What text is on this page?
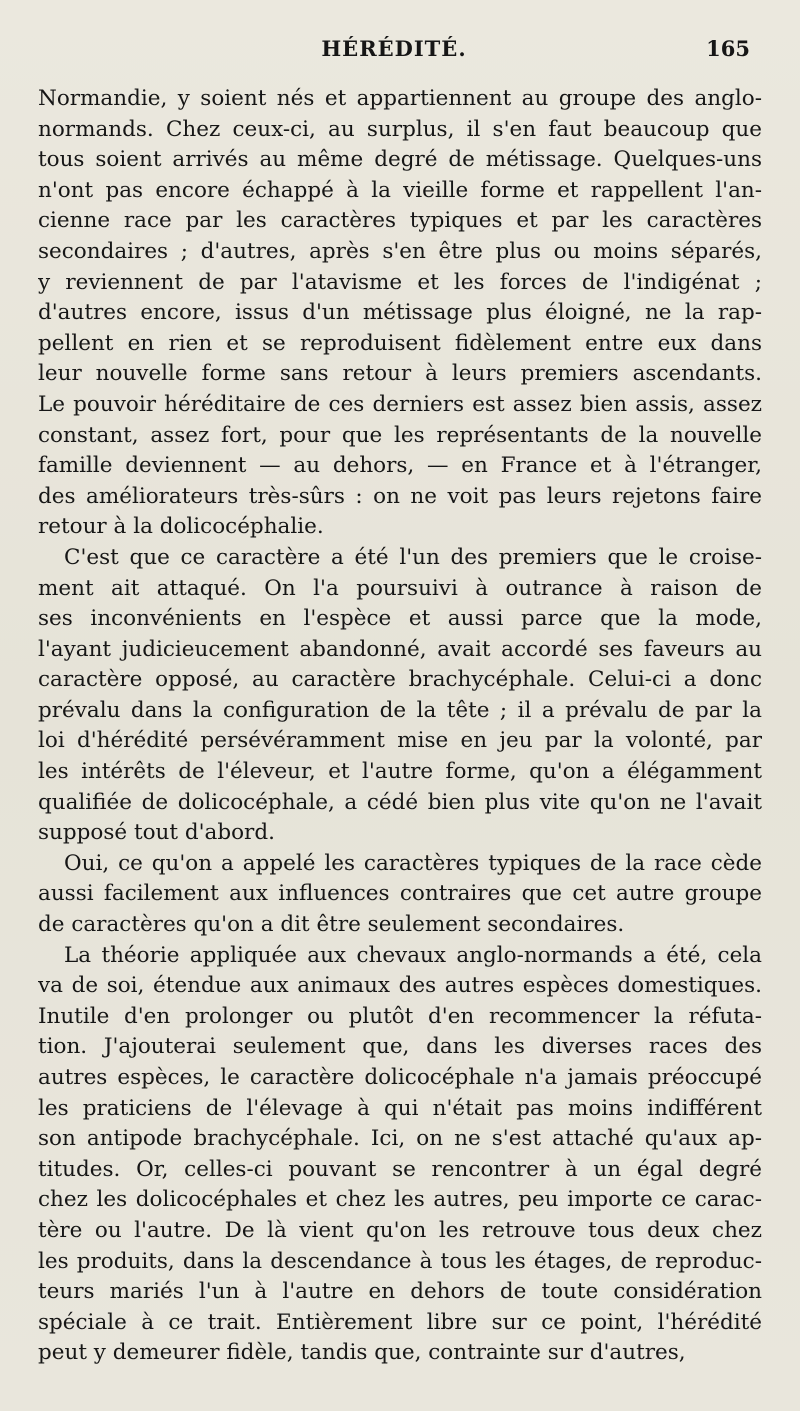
HÉRÉDITÉ.	165
Normandie, y soient nés et appartiennent au groupe des anglo-
normands. Chez ceux-ci, au surplus, il s'en faut beaucoup que
tous soient arrivés au même degré de métissage. Quelques-uns
n'ont pas encore échappé à la vieille forme et rappellent l'an-
cienne race par les caractères typiques et par les caractères
secondaires ; d'autres, après s'en être plus ou moins séparés,
y reviennent de par l'atavisme et les forces de l'indigénat ;
d'autres encore, issus d'un métissage plus éloigné, ne la rap-
pellent en rien et se reproduisent fidèlement entre eux dans
leur nouvelle forme sans retour à leurs premiers ascendants.
Le pouvoir héréditaire de ces derniers est assez bien assis, assez
constant, assez fort, pour que les représentants de la nouvelle
famille deviennent — au dehors, — en France et à l'étranger,
des améliorateurs très-sûrs : on ne voit pas leurs rejetons faire
retour à la dolicocéphalie.
C'est que ce caractère a été l'un des premiers que le croise-
ment ait attaqué. On l'a poursuivi à outrance à raison de
ses inconvénients en l'espèce et aussi parce que la mode,
l'ayant judicieucement abandonné, avait accordé ses faveurs au
caractère opposé, au caractère brachycéphale. Celui-ci a donc
prévalu dans la configuration de la tête ; il a prévalu de par la
loi d'hérédité persévéramment mise en jeu par la volonté, par
les intérêts de l'éleveur, et l'autre forme, qu'on a élégamment
qualifiée de dolicocéphale, a cédé bien plus vite qu'on ne l'avait
supposé tout d'abord.
Oui, ce qu'on a appelé les caractères typiques de la race cède
aussi facilement aux influences contraires que cet autre groupe
de caractères qu'on a dit être seulement secondaires.
La théorie appliquée aux chevaux anglo-normands a été, cela
va de soi, étendue aux animaux des autres espèces domestiques.
Inutile d'en prolonger ou plutôt d'en recommencer la réfuta-
tion. J'ajouterai seulement que, dans les diverses races des
autres espèces, le caractère dolicocéphale n'a jamais préoccupé
les praticiens de l'élevage à qui n'était pas moins indifférent
son antipode brachycéphale. Ici, on ne s'est attaché qu'aux ap-
titudes. Or, celles-ci pouvant se rencontrer à un égal degré
chez les dolicocéphales et chez les autres, peu importe ce carac-
tère ou l'autre. De là vient qu'on les retrouve tous deux chez
les produits, dans la descendance à tous les étages, de reproduc-
teurs mariés l'un à l'autre en dehors de toute considération
spéciale à ce trait. Entièrement libre sur ce point, l'hérédité
peut y demeurer fidèle, tandis que, contrainte sur d'autres,
